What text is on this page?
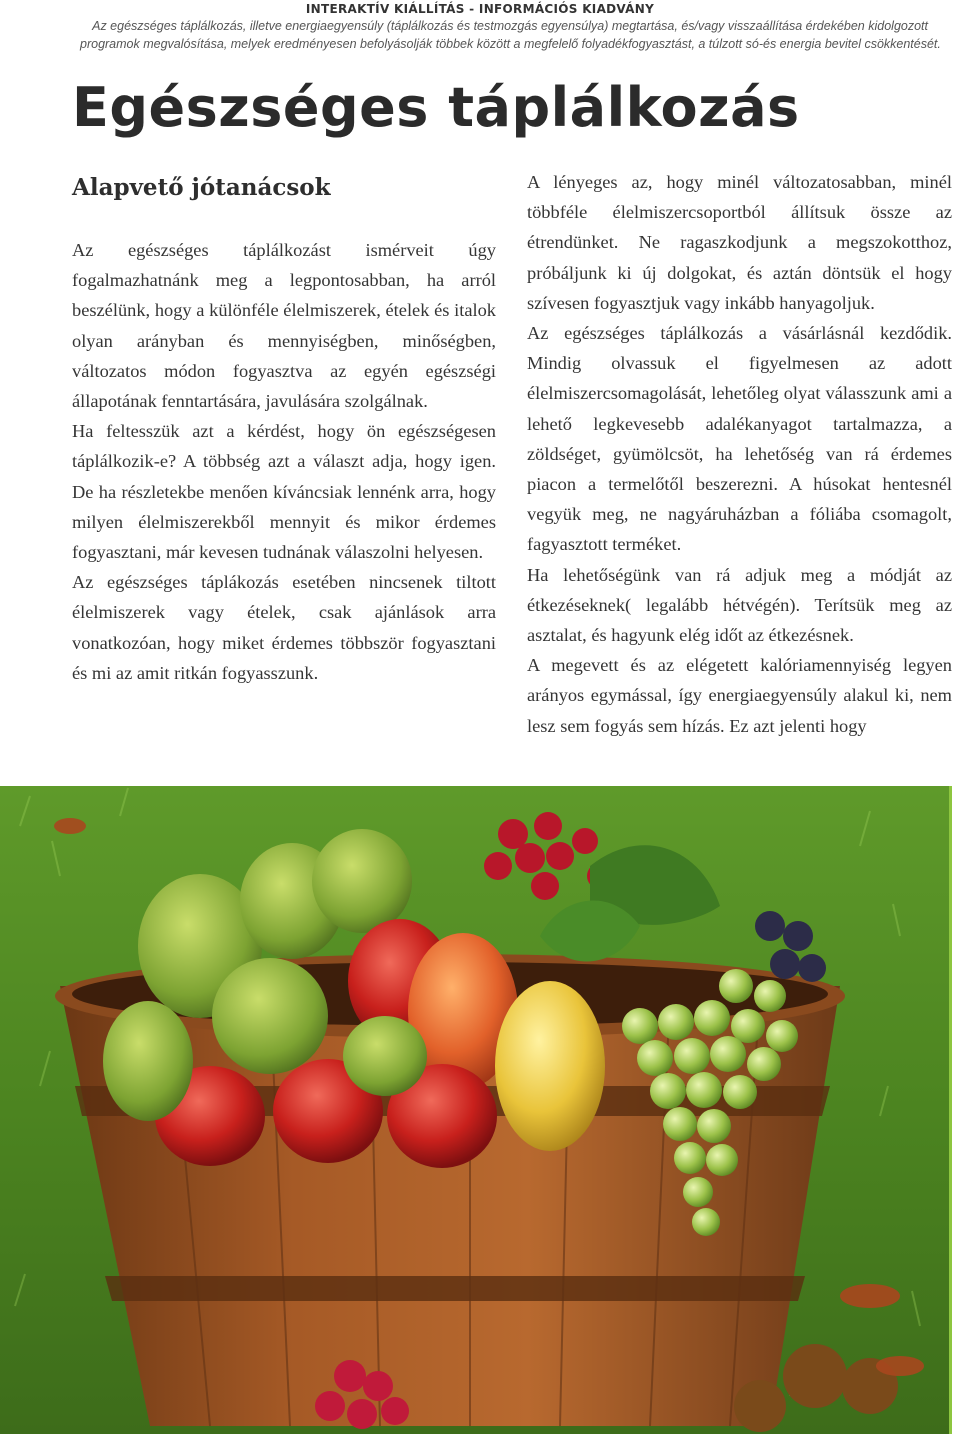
INTERAKTÍV KIÁLLÍTÁS - INFORMÁCIÓS KIADVÁNY
Az egészséges táplálkozás, illetve energiaegyensúly (táplálkozás és testmozgás egyensúlya) megtartása, és/vagy visszaállítása érdekében kidolgozott
programok megvalósítása, melyek eredményesen befolyásolják többek között a megfelelő folyadékfogyasztást, a túlzott só-és energia bevitel csökkentését.
Egészséges táplálkozás
Alapvető jótanácsok

Az egészséges táplálkozást ismérveit úgy fogalmazhatnánk meg a legpontosabban, ha arról beszélünk, hogy a különféle élelmiszerek, ételek és italok olyan arányban és mennyiségben, minőségben, változatos módon fogyasztva az egyén egészségi állapotának fenntartására, javulására szolgálnak.

Ha feltesszük azt a kérdést, hogy ön egészségesen táplálkozik-e? A többség azt a választ adja, hogy igen. De ha részletekbe menően kíváncsiak lennénk arra, hogy milyen élelmiszerekből mennyit és mikor érdemes fogyasztani, már kevesen tudnának válaszolni helyesen.

Az egészséges táplákozás esetében nincsenek tiltott élelmiszerek vagy ételek, csak ajánlások arra vonatkozóan, hogy miket érdemes többször fogyasztani és mi az amit ritkán fogyasszunk.

A lényeges az, hogy minél változatosabban, minél többféle élelmiszercsoportból állítsuk össze az étrendünket. Ne ragaszkodjunk a megszokotthoz, próbáljunk ki új dolgokat, és aztán döntsük el hogy szívesen fogyasztjuk vagy inkább hanyagoljuk.

Az egészséges táplálkozás a vásárlásnál kezdődik. Mindig olvassuk el figyelmesen az adott élelmiszercsomagolását, lehetőleg olyat válasszunk ami a lehető legkevesebb adalékanyagot tartalmazza, a zöldséget, gyümölcsöt, ha lehetőség van rá érdemes piacon a termelőtől beszerezni. A húsokat hentesnél vegyük meg, ne nagyáruházban a fóliába csomagolt, fagyasztott terméket.

Ha lehetőségünk van rá adjuk meg a módját az étkezéseknek( legalább hétvégén). Terítsük meg az asztalat, és hagyunk elég időt az étkezésnek.

A megevett és az elégetett kalóriamennyiség legyen arányos egymással, így energiaegyensúly alakul ki, nem lesz sem fogyás sem hízás. Ez azt jelenti hogy
